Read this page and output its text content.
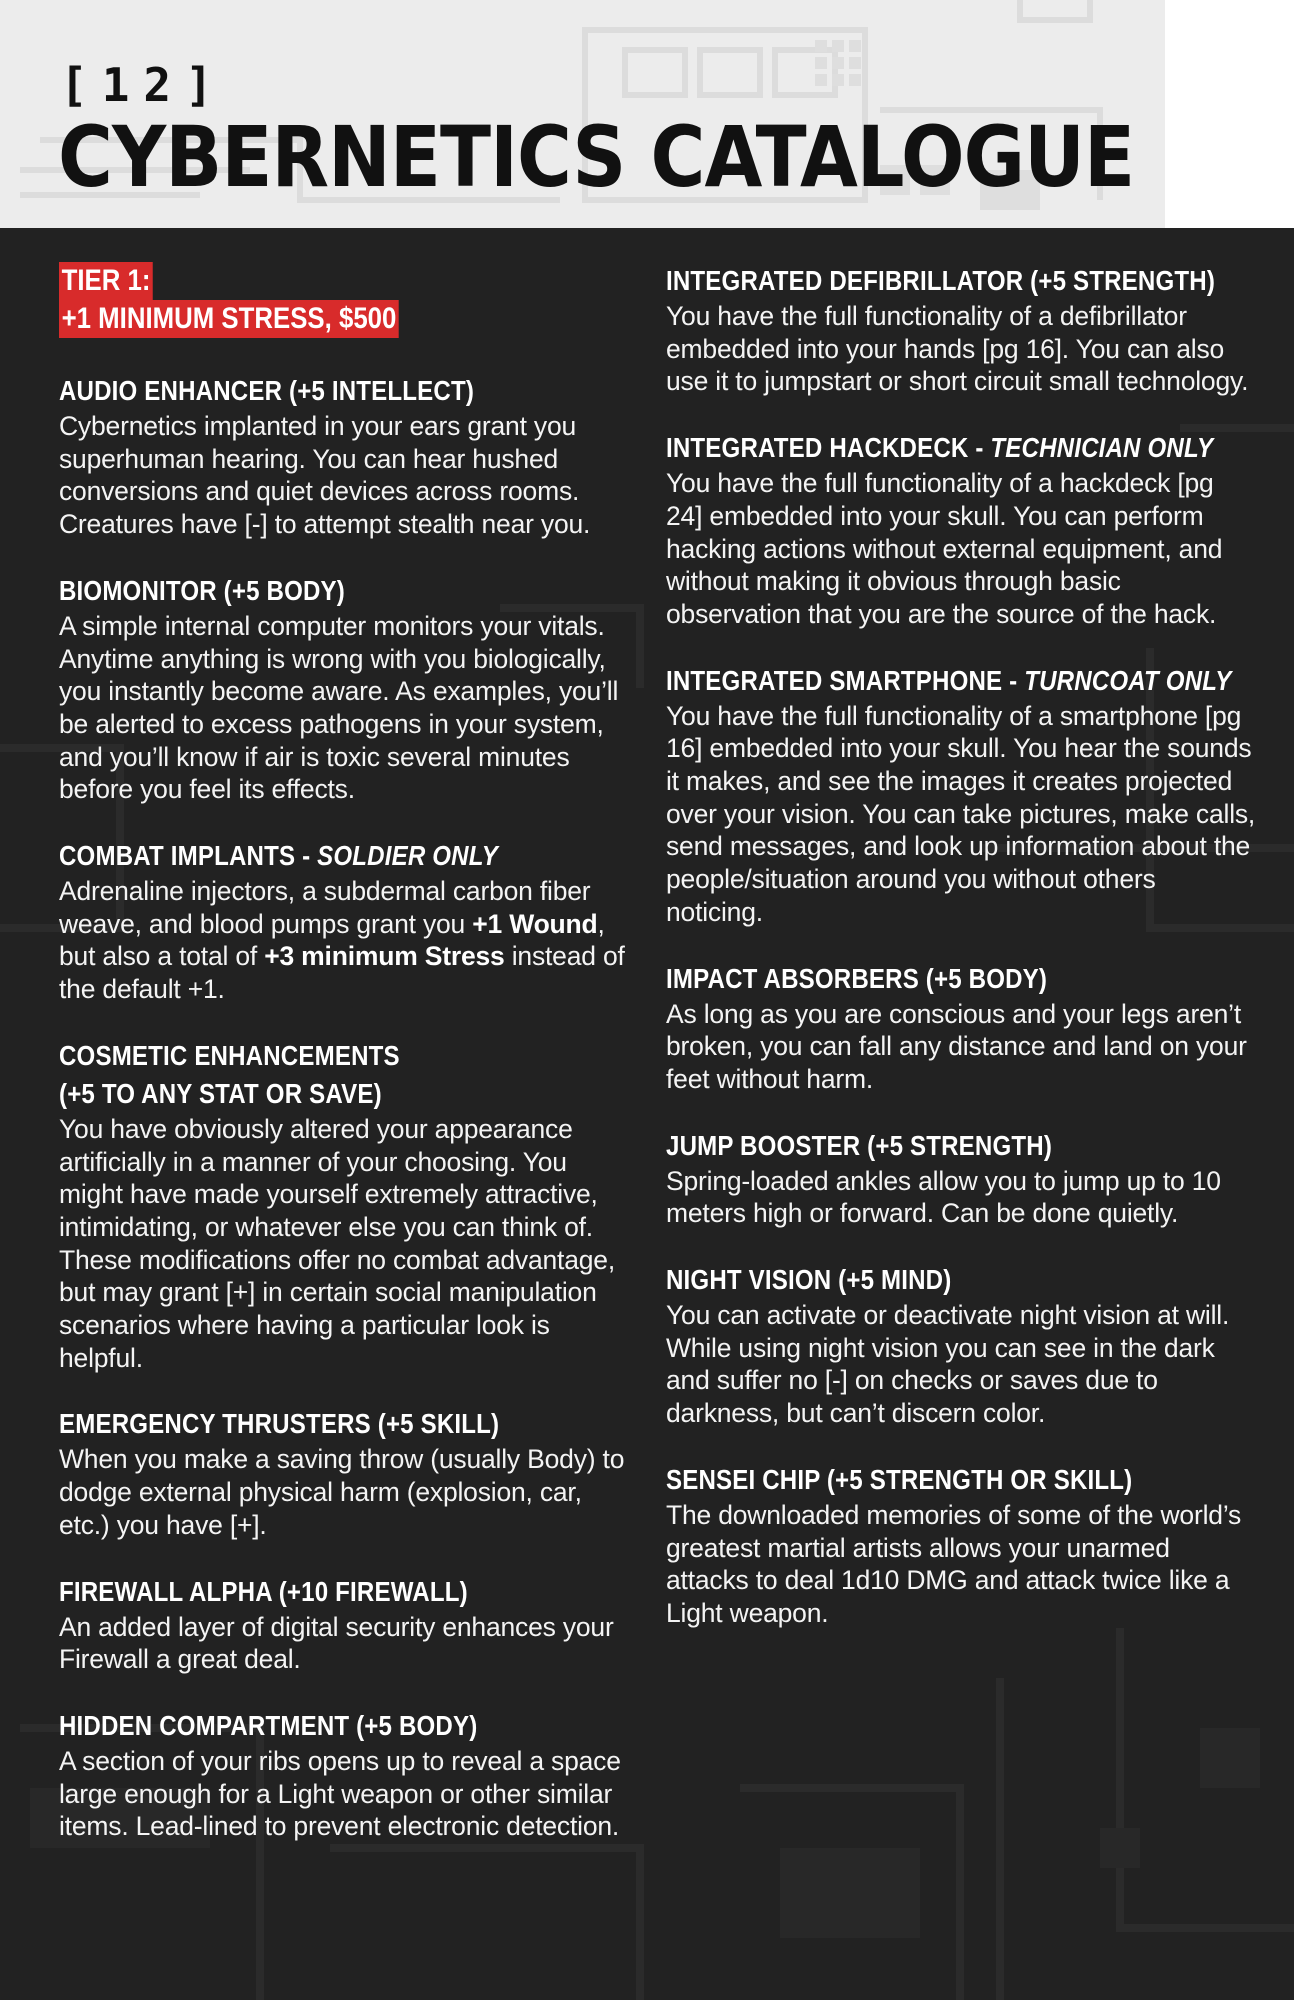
[12]
CYBERNETICS CATALOGUE
TIER 1:
+1 MINIMUM STRESS, $500
AUDIO ENHANCER (+5 INTELLECT)
Cybernetics implanted in your ears grant you superhuman hearing. You can hear hushed conversions and quiet devices across rooms. Creatures have [-] to attempt stealth near you.
BIOMONITOR (+5 BODY)
A simple internal computer monitors your vitals. Anytime anything is wrong with you biologically, you instantly become aware. As examples, you’ll be alerted to excess pathogens in your system, and you’ll know if air is toxic several minutes before you feel its effects.
COMBAT IMPLANTS - SOLDIER ONLY
Adrenaline injectors, a subdermal carbon fiber weave, and blood pumps grant you +1 Wound, but also a total of +3 minimum Stress instead of the default +1.
COSMETIC ENHANCEMENTS
(+5 TO ANY STAT OR SAVE)
You have obviously altered your appearance artificially in a manner of your choosing. You might have made yourself extremely attractive, intimidating, or whatever else you can think of. These modifications offer no combat advantage, but may grant [+] in certain social manipulation scenarios where having a particular look is helpful.
EMERGENCY THRUSTERS (+5 SKILL)
When you make a saving throw (usually Body) to dodge external physical harm (explosion, car, etc.) you have [+].
FIREWALL ALPHA (+10 FIREWALL)
An added layer of digital security enhances your Firewall a great deal.
HIDDEN COMPARTMENT (+5 BODY)
A section of your ribs opens up to reveal a space large enough for a Light weapon or other similar items. Lead-lined to prevent electronic detection.
INTEGRATED DEFIBRILLATOR (+5 STRENGTH)
You have the full functionality of a defibrillator embedded into your hands [pg 16]. You can also use it to jumpstart or short circuit small technology.
INTEGRATED HACKDECK - TECHNICIAN ONLY
You have the full functionality of a hackdeck [pg 24] embedded into your skull. You can perform hacking actions without external equipment, and without making it obvious through basic observation that you are the source of the hack.
INTEGRATED SMARTPHONE - TURNCOAT ONLY
You have the full functionality of a smartphone [pg 16] embedded into your skull. You hear the sounds it makes, and see the images it creates projected over your vision. You can take pictures, make calls, send messages, and look up information about the people/situation around you without others noticing.
IMPACT ABSORBERS (+5 BODY)
As long as you are conscious and your legs aren’t broken, you can fall any distance and land on your feet without harm.
JUMP BOOSTER (+5 STRENGTH)
Spring-loaded ankles allow you to jump up to 10 meters high or forward. Can be done quietly.
NIGHT VISION (+5 MIND)
You can activate or deactivate night vision at will. While using night vision you can see in the dark and suffer no [-] on checks or saves due to darkness, but can’t discern color.
SENSEI CHIP (+5 STRENGTH OR SKILL)
The downloaded memories of some of the world’s greatest martial artists allows your unarmed attacks to deal 1d10 DMG and attack twice like a Light weapon.
